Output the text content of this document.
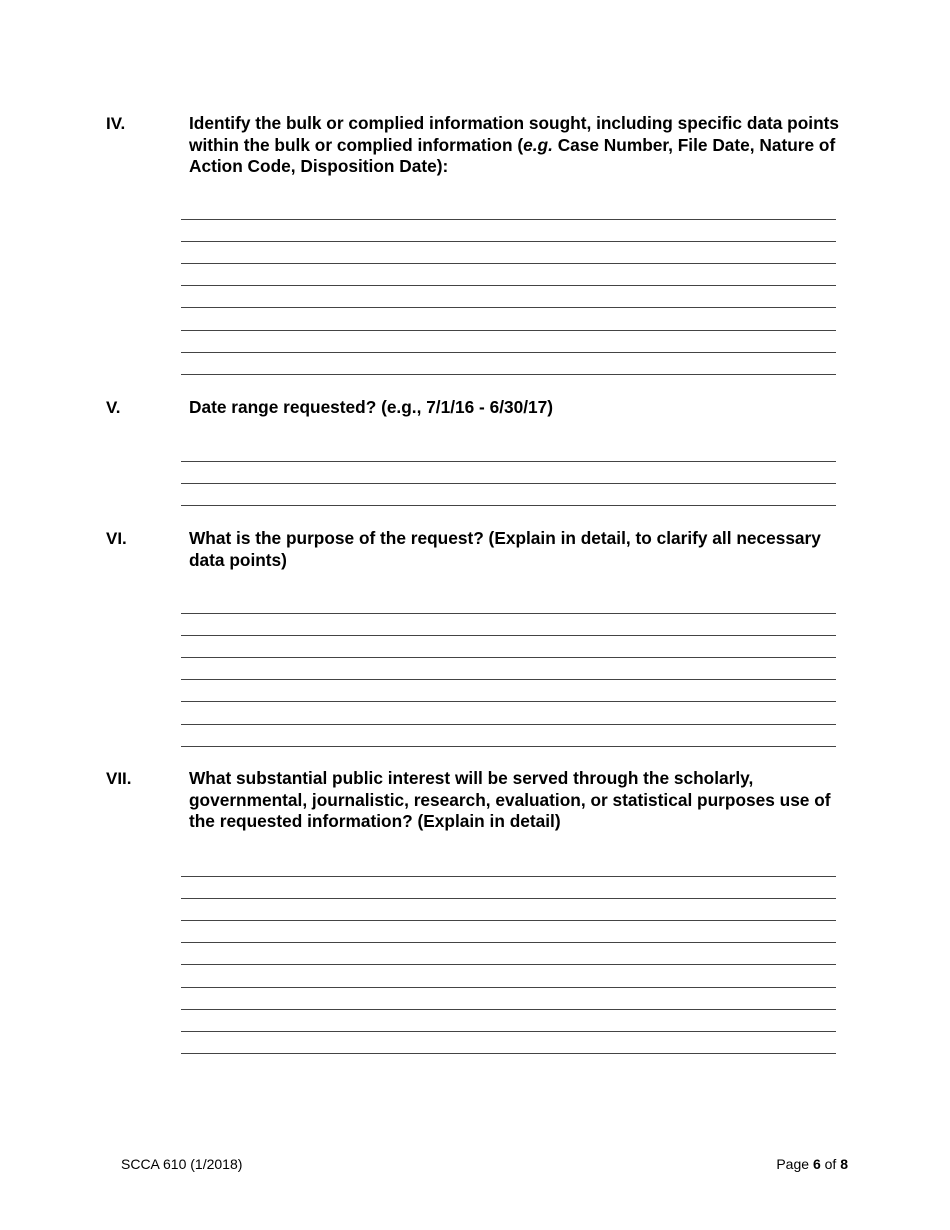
IV.	Identify the bulk or complied information sought, including specific data points within the bulk or complied information (e.g. Case Number, File Date, Nature of Action Code, Disposition Date):
V.	Date range requested? (e.g., 7/1/16 - 6/30/17)
VI.	What is the purpose of the request? (Explain in detail, to clarify all necessary data points)
VII.	What substantial public interest will be served through the scholarly, governmental, journalistic, research, evaluation, or statistical purposes use of the requested information? (Explain in detail)
SCCA 610 (1/2018)	Page 6 of 8
